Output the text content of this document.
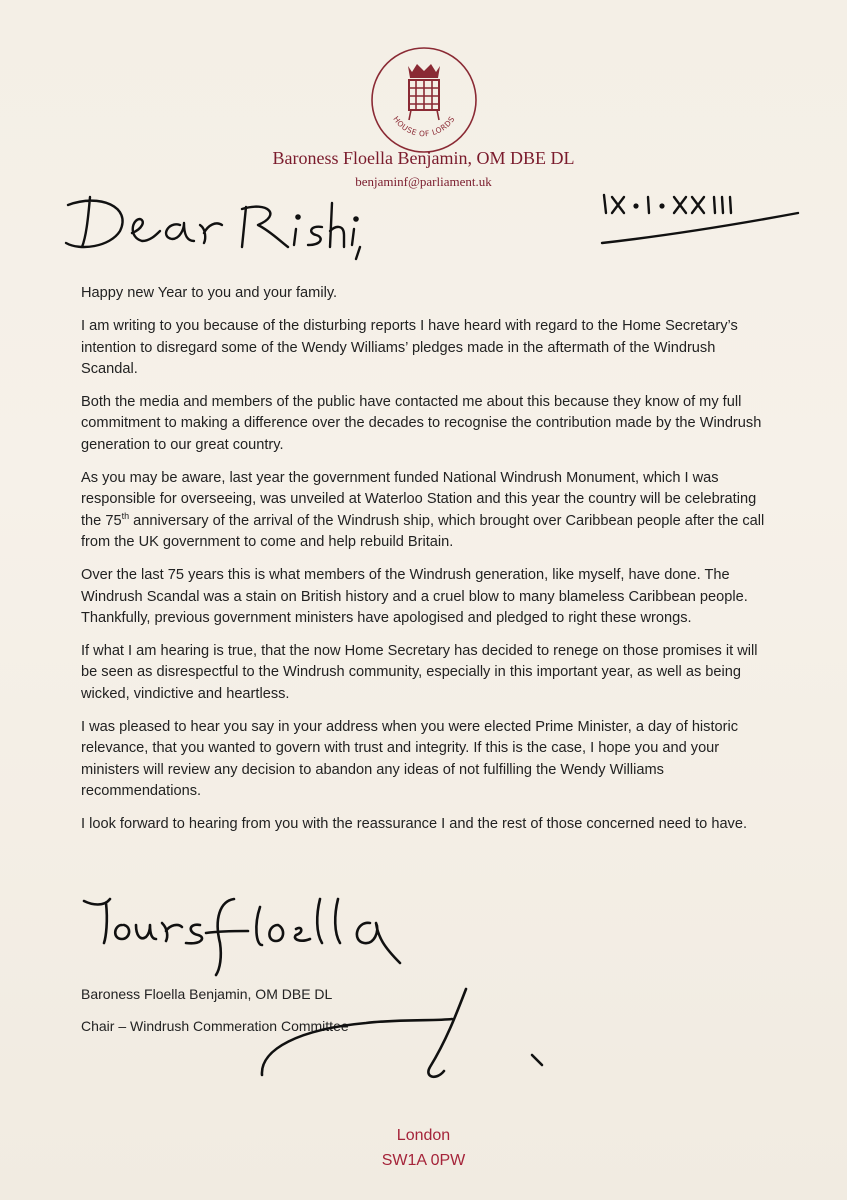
HOUSE OF LORDS
Baroness Floella Benjamin, OM DBE DL
benjaminf@parliament.uk

Happy new Year to you and your family.

I am writing to you because of the disturbing reports I have heard with regard to the Home Secretary’s intention to disregard some of the Wendy Williams’ pledges made in the aftermath of the Windrush Scandal.

Both the media and members of the public have contacted me about this because they know of my full commitment to making a difference over the decades to recognise the contribution made by the Windrush generation to our great country.

As you may be aware, last year the government funded National Windrush Monument, which I was responsible for overseeing, was unveiled at Waterloo Station and this year the country will be celebrating the 75th anniversary of the arrival of the Windrush ship, which brought over Caribbean people after the call from the UK government to come and help rebuild Britain.

Over the last 75 years this is what members of the Windrush generation, like myself, have done. The Windrush Scandal was a stain on British history and a cruel blow to many blameless Caribbean people. Thankfully, previous government ministers have apologised and pledged to right these wrongs.

If what I am hearing is true, that the now Home Secretary has decided to renege on those promises it will be seen as disrespectful to the Windrush community, especially in this important year, as well as being wicked, vindictive and heartless.

I was pleased to hear you say in your address when you were elected Prime Minister, a day of historic relevance, that you wanted to govern with trust and integrity. If this is the case, I hope you and your ministers will review any decision to abandon any ideas of not fulfilling the Wendy Williams recommendations.

I look forward to hearing from you with the reassurance I and the rest of those concerned need to have.

Baroness Floella Benjamin, OM DBE DL
Chair – Windrush Commeration Committee
London
SW1A 0PW
